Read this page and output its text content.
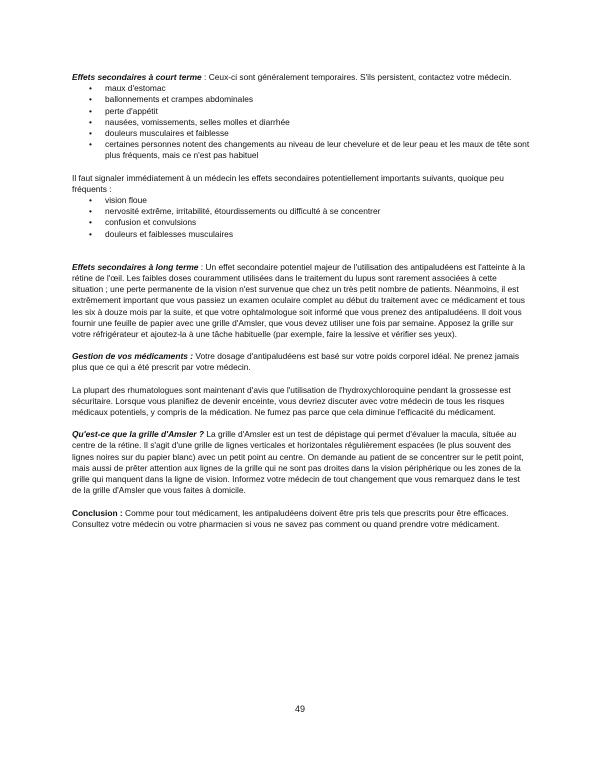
Effets secondaires à court terme : Ceux-ci sont généralement temporaires. S'ils persistent, contactez votre médecin.

• maux d'estomac
• ballonnements et crampes abdominales
• perte d'appétit
• nausées, vomissements, selles molles et diarrhée
• douleurs musculaires et faiblesse
• certaines personnes notent des changements au niveau de leur chevelure et de leur peau et les maux de tête sont plus fréquents, mais ce n'est pas habituel

Il faut signaler immédiatement à un médecin les effets secondaires potentiellement importants suivants, quoique peu fréquents :

• vision floue
• nervosité extrême, irritabilité, étourdissements ou difficulté à se concentrer
• confusion et convulsions
• douleurs et faiblesses musculaires

Effets secondaires à long terme : Un effet secondaire potentiel majeur de l'utilisation des antipaludéens est l'atteinte à la rétine de l'œil. Les faibles doses couramment utilisées dans le traitement du lupus sont rarement associées à cette situation ; une perte permanente de la vision n'est survenue que chez un très petit nombre de patients. Néanmoins, il est extrêmement important que vous passiez un examen oculaire complet au début du traitement avec ce médicament et tous les six à douze mois par la suite, et que votre ophtalmologue soit informé que vous prenez des antipaludéens. Il doit vous fournir une feuille de papier avec une grille d'Amsler, que vous devez utiliser une fois par semaine. Apposez la grille sur votre réfrigérateur et ajoutez-la à une tâche habituelle (par exemple, faire la lessive et vérifier ses yeux).

Gestion de vos médicaments : Votre dosage d'antipaludéens est basé sur votre poids corporel idéal. Ne prenez jamais plus que ce qui a été prescrit par votre médecin.

La plupart des rhumatologues sont maintenant d'avis que l'utilisation de l'hydroxychloroquine pendant la grossesse est sécuritaire. Lorsque vous planifiez de devenir enceinte, vous devriez discuter avec votre médecin de tous les risques médicaux potentiels, y compris de la médication. Ne fumez pas parce que cela diminue l'efficacité du médicament.

Qu'est-ce que la grille d'Amsler ? La grille d'Amsler est un test de dépistage qui permet d'évaluer la macula, située au centre de la rétine. Il s'agit d'une grille de lignes verticales et horizontales régulièrement espacées (le plus souvent des lignes noires sur du papier blanc) avec un petit point au centre. On demande au patient de se concentrer sur le petit point, mais aussi de prêter attention aux lignes de la grille qui ne sont pas droites dans la vision périphérique ou les zones de la grille qui manquent dans la ligne de vision. Informez votre médecin de tout changement que vous remarquez dans le test de la grille d'Amsler que vous faites à domicile.

Conclusion : Comme pour tout médicament, les antipaludéens doivent être pris tels que prescrits pour être efficaces. Consultez votre médecin ou votre pharmacien si vous ne savez pas comment ou quand prendre votre médicament.

49
